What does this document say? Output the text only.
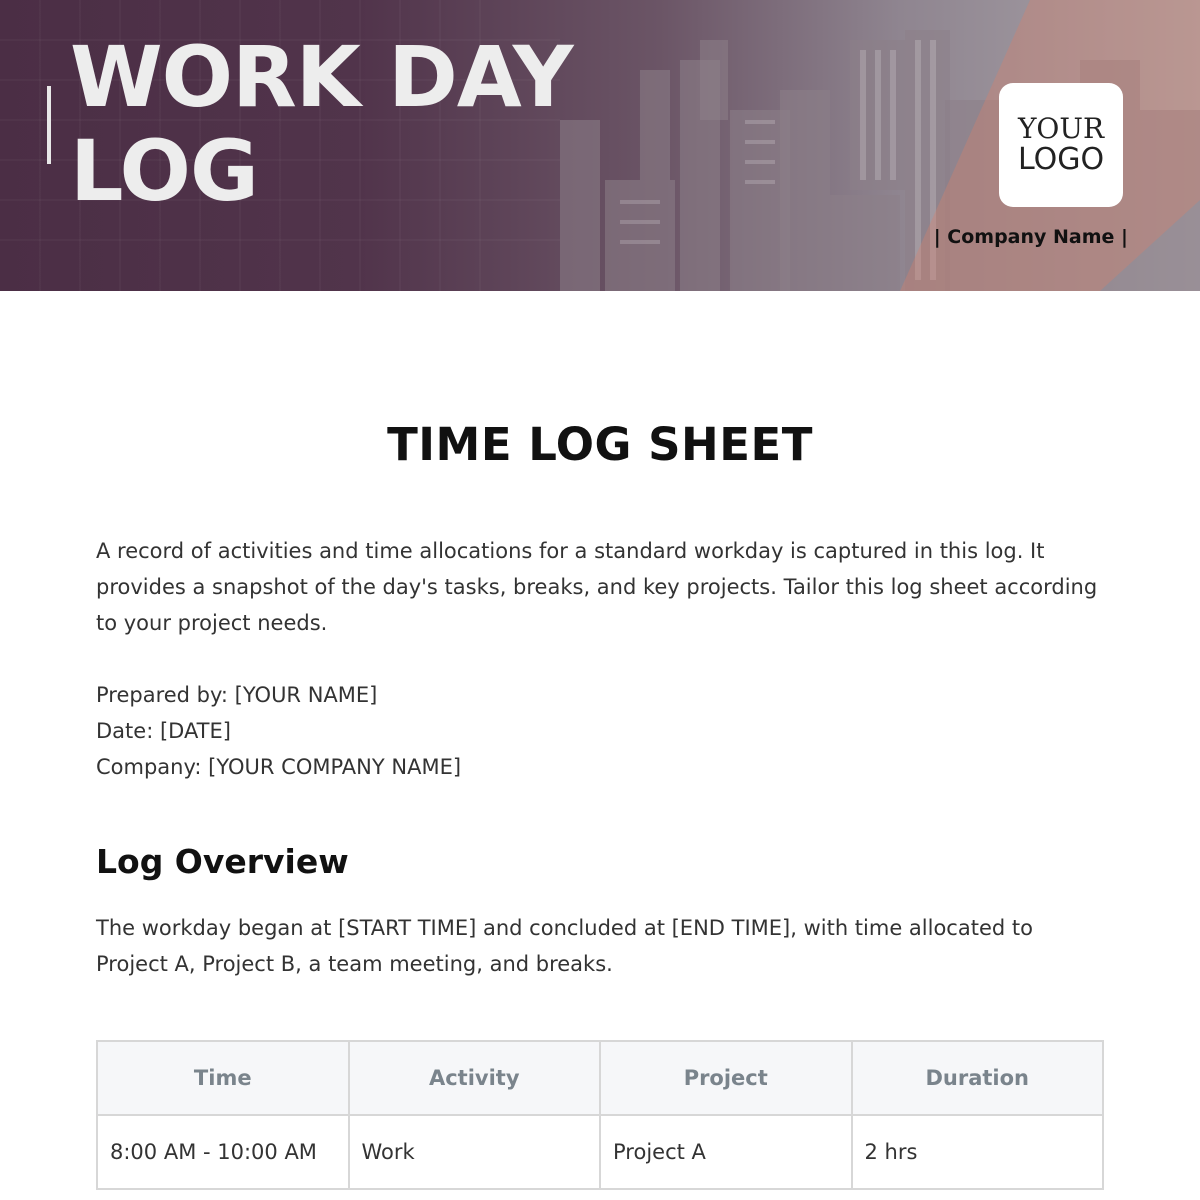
WORK DAY
LOG	YOUR
LOGO
| Company Name |
TIME LOG SHEET
A record of activities and time allocations for a standard workday is captured in this log. It provides a snapshot of the day's tasks, breaks, and key projects. Tailor this log sheet according to your project needs.
Prepared by: [YOUR NAME]
Date: [DATE]
Company: [YOUR COMPANY NAME]
Log Overview
The workday began at [START TIME] and concluded at [END TIME], with time allocated to Project A, Project B, a team meeting, and breaks.
Time	Activity	Project	Duration
8:00 AM - 10:00 AM	Work	Project A	2 hrs
